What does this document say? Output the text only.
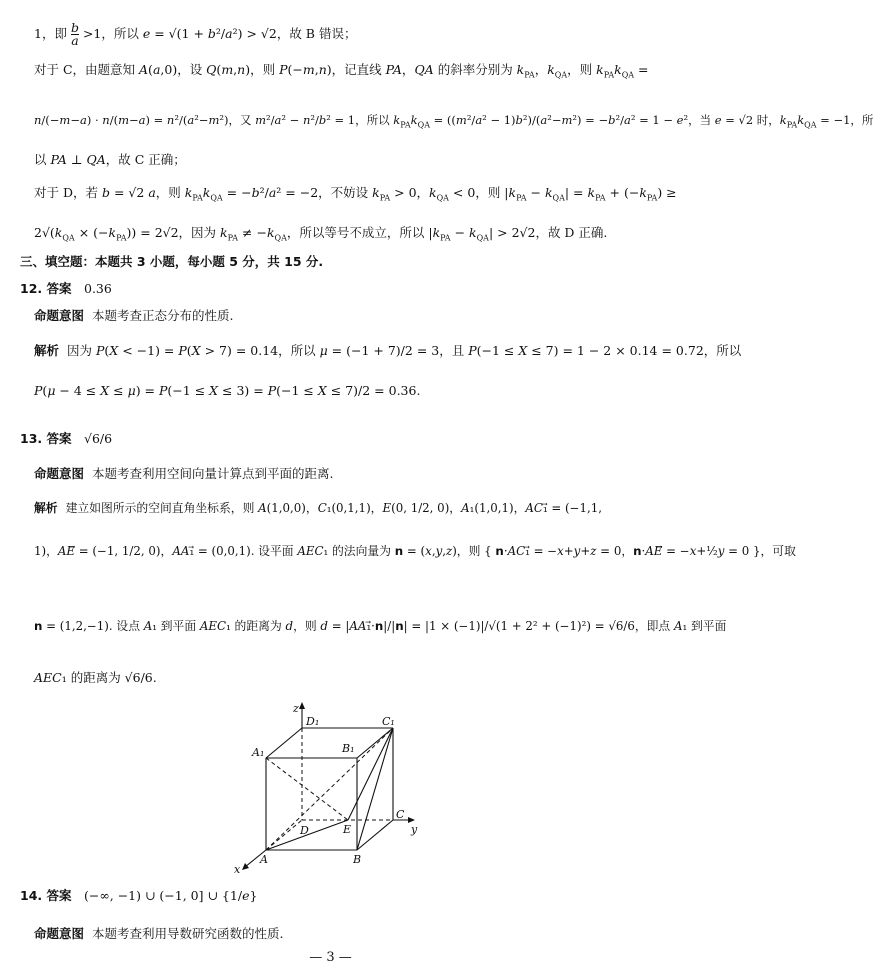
1，即 $\frac{b}{a} >1$，所以 e = √(1 + b²/a²) > √2，故 B 错误；
对于 C，由题意知 A(a,0)，设 Q(m,n)，则 P(−m,n)，记直线 PA，QA 的斜率分别为 $k_{PA}$，$k_{QA}$，则 $k_{PA}k_{QA}$ =
n/(−m−a) · n/(m−a) = n²/(a²−m²)，又 m²/a² − n²/b² = 1，所以 $k_{PA}k_{QA} = ((m^2/a^2 - 1)b^2)/(a^2-m^2) = -b^2/a^2 = 1 - e^2$，当 e = √2 时，$k_{PA}k_{QA} = -1$，所
以 PA ⊥ QA，故 C 正确；
对于 D，若 b = √2 a，则 $k_{PA}k_{QA} = -b^2/a^2 = -2$，不妨设 $k_{PA} > 0$，$k_{QA} < 0$，则 $|k_{PA} - k_{QA}| = k_{PA} + (-k_{PA})$ ≥
$2√(k_{QA} \times (-k_{PA})) = 2√2$，因为 $k_{PA} \ne -k_{QA}$，所以等号不成立，所以 $|k_{PA} - k_{QA}| > 2√2$，故 D 正确.
三、填空题：本题共 3 小题，每小题 5 分，共 15 分.
12. 答案　0.36
命题意图 本题考查正态分布的性质.
解析 因为 P(X < −1) = P(X > 7) = 0.14，所以 μ = (−1 + 7)/2 = 3，且 P(−1 ≤ X ≤ 7) = 1 − 2 × 0.14 = 0.72，所以
P(μ − 4 ≤ X ≤ μ) = P(−1 ≤ X ≤ 3) = P(−1 ≤ X ≤ 7)/2 = 0.36.
13. 答案　√6/6
命题意图 本题考查利用空间向量计算点到平面的距离.
解析 建立如图所示的空间直角坐标系，则 A(1,0,0)，C₁(0,1,1)，E(0, 1/2, 0)，A₁(1,0,1)，AC₁⃗ = (−1,1,
1)，AE⃗ = (−1, 1/2, 0)，AA₁⃗ = (0,0,1). 设平面 AEC₁ 的法向量为 n = (x,y,z)，则 { n·AC₁⃗ = −x+y+z = 0，n·AE⃗ = −x+½y = 0 }，可取
n = (1,2,−1). 设点 A₁ 到平面 AEC₁ 的距离为 d，则 d = |AA₁⃗·n|/|n| = |1 × (−1)|/√(1 + 2² + (−1)²) = √6/6，即点 A₁ 到平面
AEC₁ 的距离为 √6/6.
z
D₁	C₁
A₁	B₁
D	E
C
y
A	B
x
14. 答案　(−∞, −1) ∪ (−1, 0] ∪ {1/e}
命题意图 本题考查利用导数研究函数的性质.
— 3 —
